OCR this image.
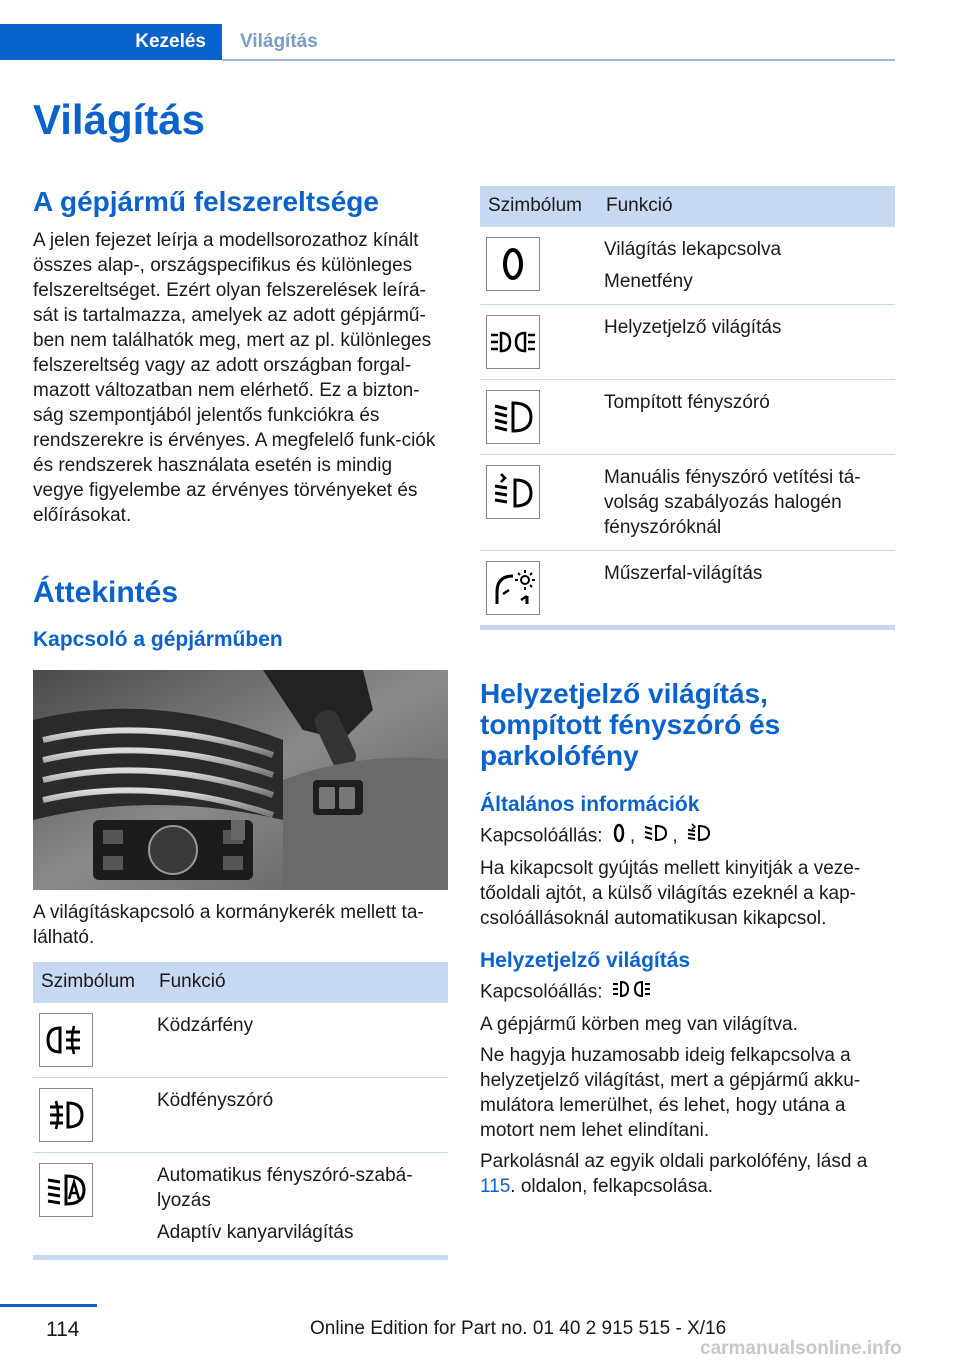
Kezelés	Világítás
Világítás
A gépjármű felszereltsége

A jelen fejezet leírja a modellsorozathoz kínált összes alap-, országspecifikus és különleges felszereltséget. Ezért olyan felszerelések leírá-sát is tartalmazza, amelyek az adott gépjármű-ben nem találhatók meg, mert az pl. különleges felszereltség vagy az adott országban forgal-mazott változatban nem elérhető. Ez a bizton-ság szempontjából jelentős funkciókra és rendszerekre is érvényes. A megfelelő funk-ciók és rendszerek használata esetén is mindig vegye figyelembe az érvényes törvényeket és előírásokat.

Áttekintés
Kapcsoló a gépjárműben

A világításkapcsoló a kormánykerék mellett ta-lálható.

Szimbólum	Funkció

Ködzárfény

Ködfényszóró

Automatikus fényszóró-szabá-lyozás
Adaptív kanyarvilágítás
Szimbólum	Funkció

Világítás lekapcsolva
Menetfény

Helyzetjelző világítás

Tompított fényszóró

Manuális fényszóró vetítési tá-volság szabályozás halogén fényszóróknál

Műszerfal-világítás
Helyzetjelző világítás, tompított fényszóró és parkolófény
Általános információk

Kapcsolóállás: , ,

Ha kikapcsolt gyújtás mellett kinyitják a veze-tőoldali ajtót, a külső világítás ezeknél a kap-csolóállásoknál automatikusan kikapcsol.

Helyzetjelző világítás

Kapcsolóállás:

A gépjármű körben meg van világítva.

Ne hagyja huzamosabb ideig felkapcsolva a helyzetjelző világítást, mert a gépjármű akku-mulátora lemerülhet, és lehet, hogy utána a motort nem lehet elindítani.

Parkolásnál az egyik oldali parkolófény, lásd a 115. oldalon, felkapcsolása.

114	Online Edition for Part no. 01 40 2 915 515 - X/16
carmanualsonline.info
